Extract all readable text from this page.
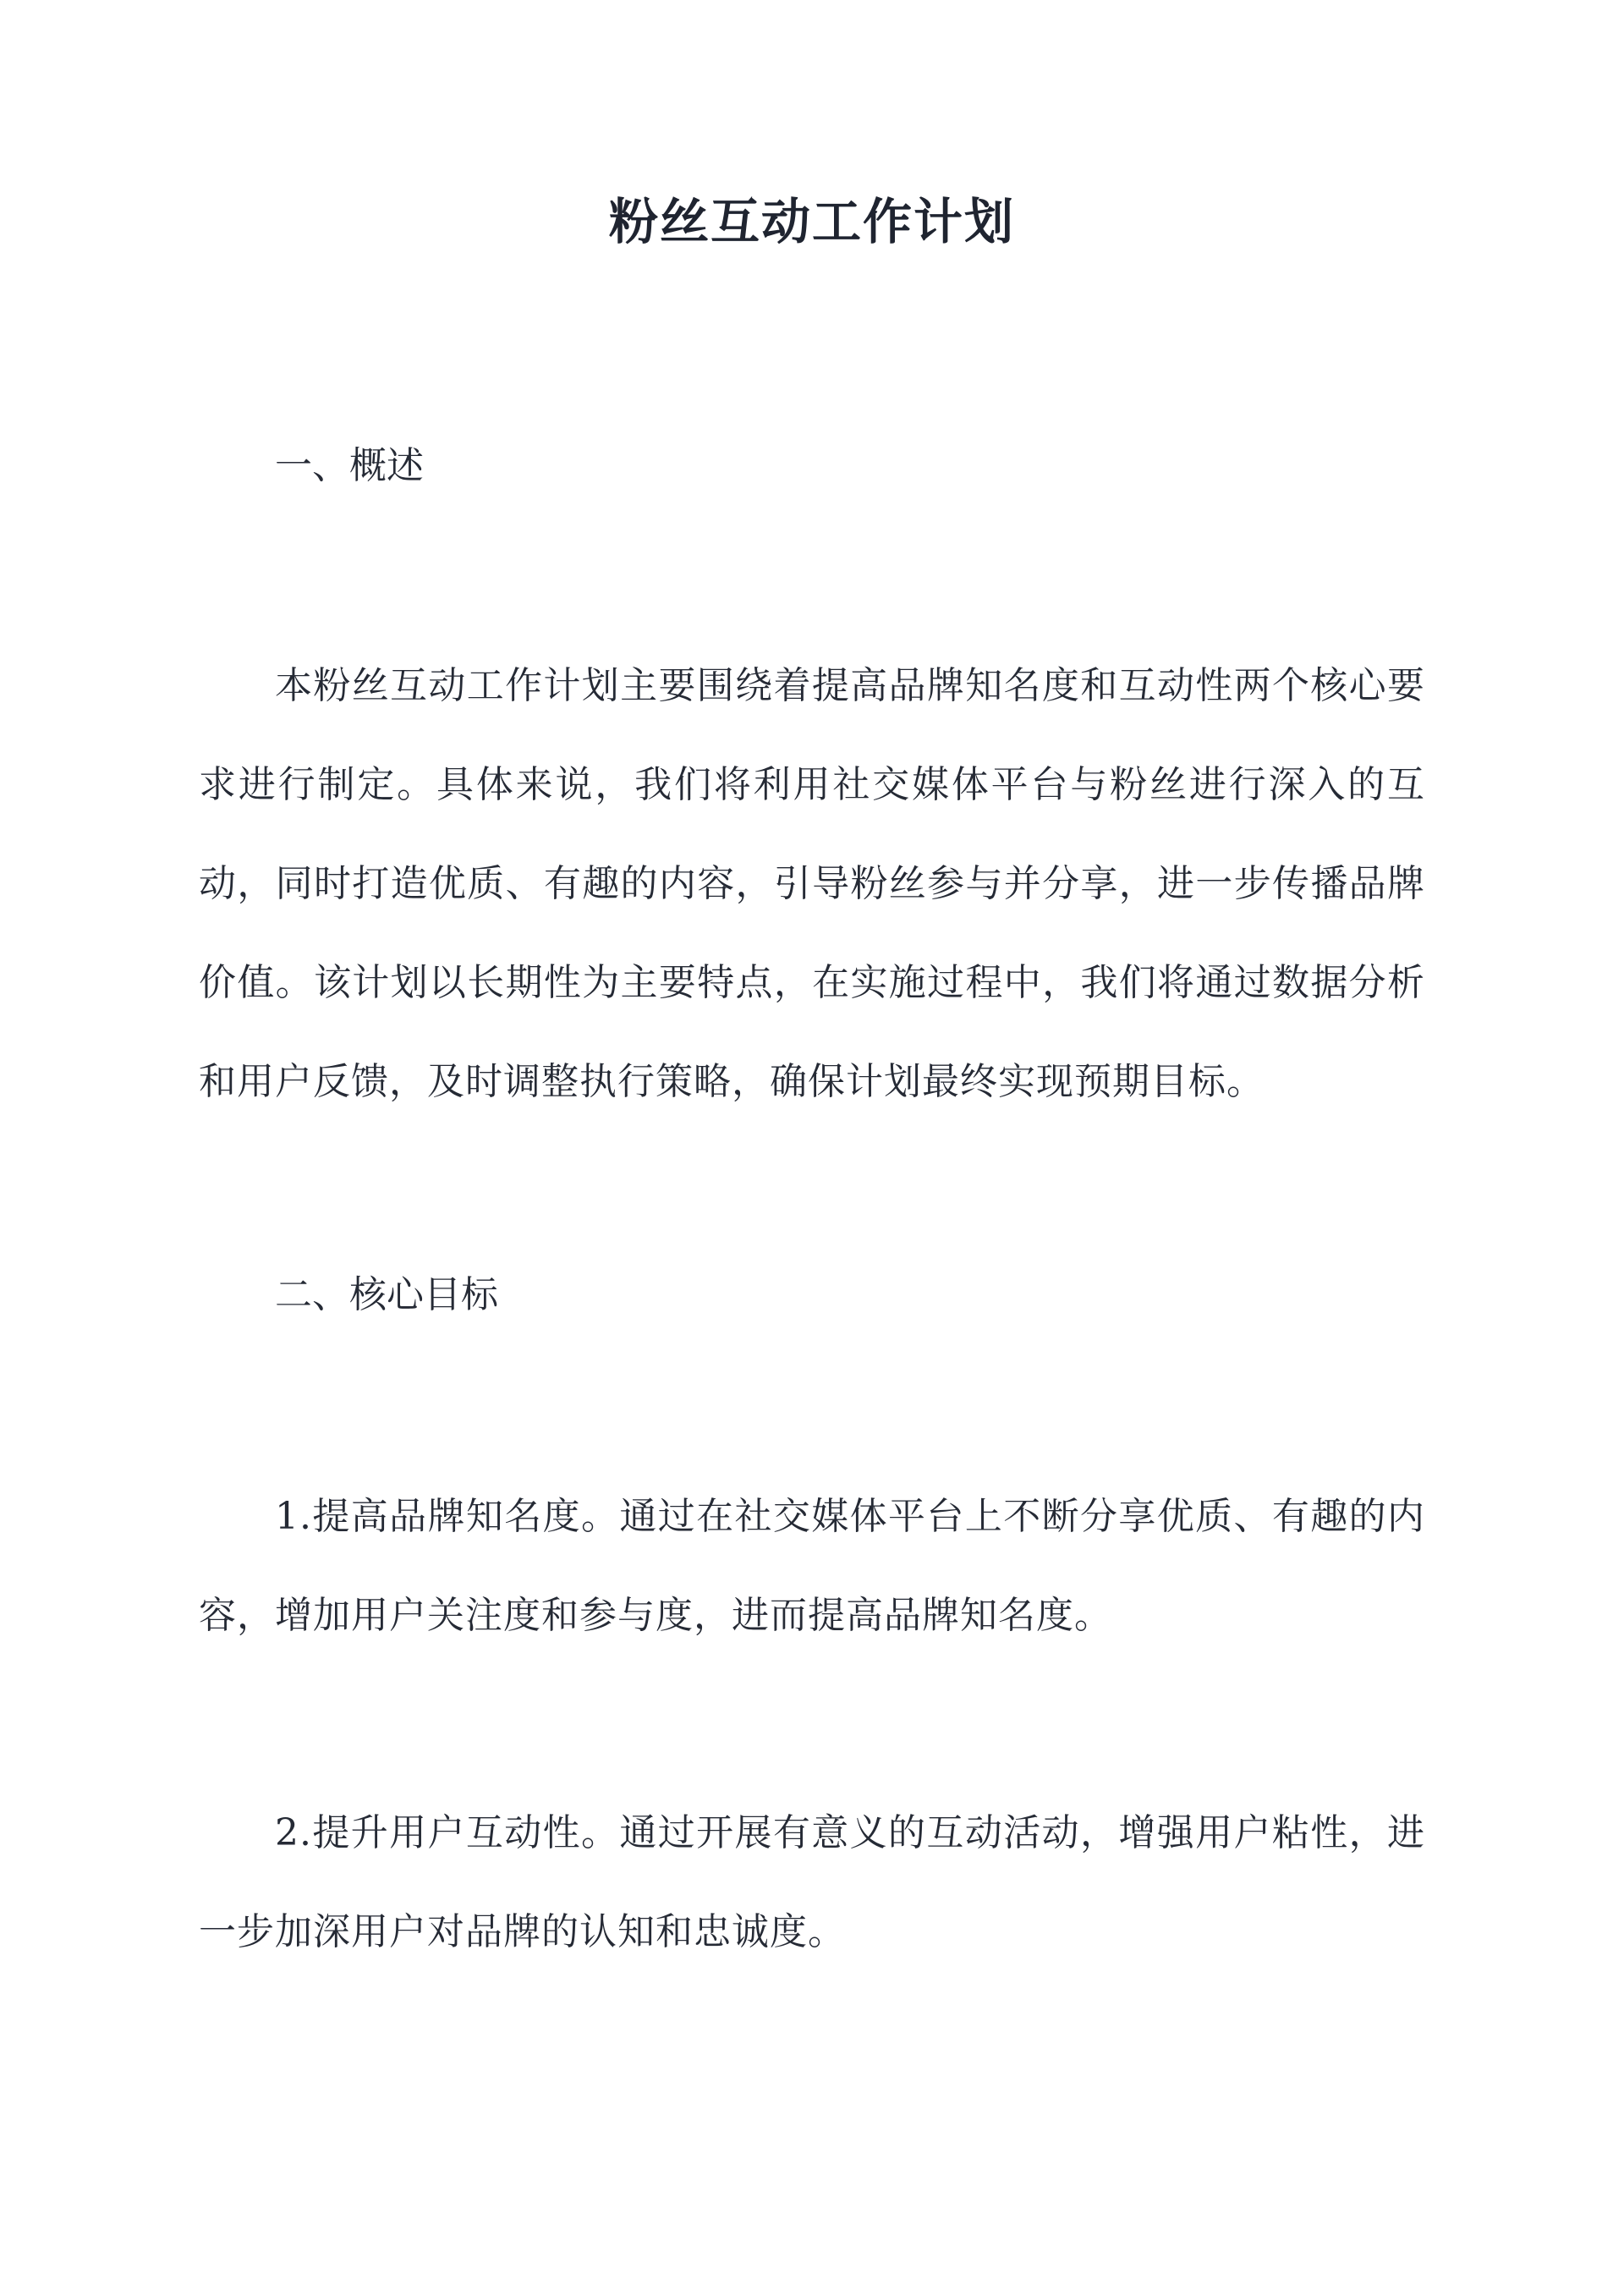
粉丝互动工作计划
一、概述

本粉丝互动工作计划主要围绕着提高品牌知名度和互动性两个核心要求进行制定。具体来说，我们将利用社交媒体平台与粉丝进行深入的互动，同时打造优质、有趣的内容，引导粉丝参与并分享，进一步传播品牌价值。该计划以长期性为主要特点，在实施过程中，我们将通过数据分析和用户反馈，及时调整执行策略，确保计划最终实现预期目标。

二、核心目标

1.提高品牌知名度。通过在社交媒体平台上不断分享优质、有趣的内容，增加用户关注度和参与度，进而提高品牌知名度。

2.提升用户互动性。通过开展有意义的互动活动，增强用户粘性，进一步加深用户对品牌的认知和忠诚度。
